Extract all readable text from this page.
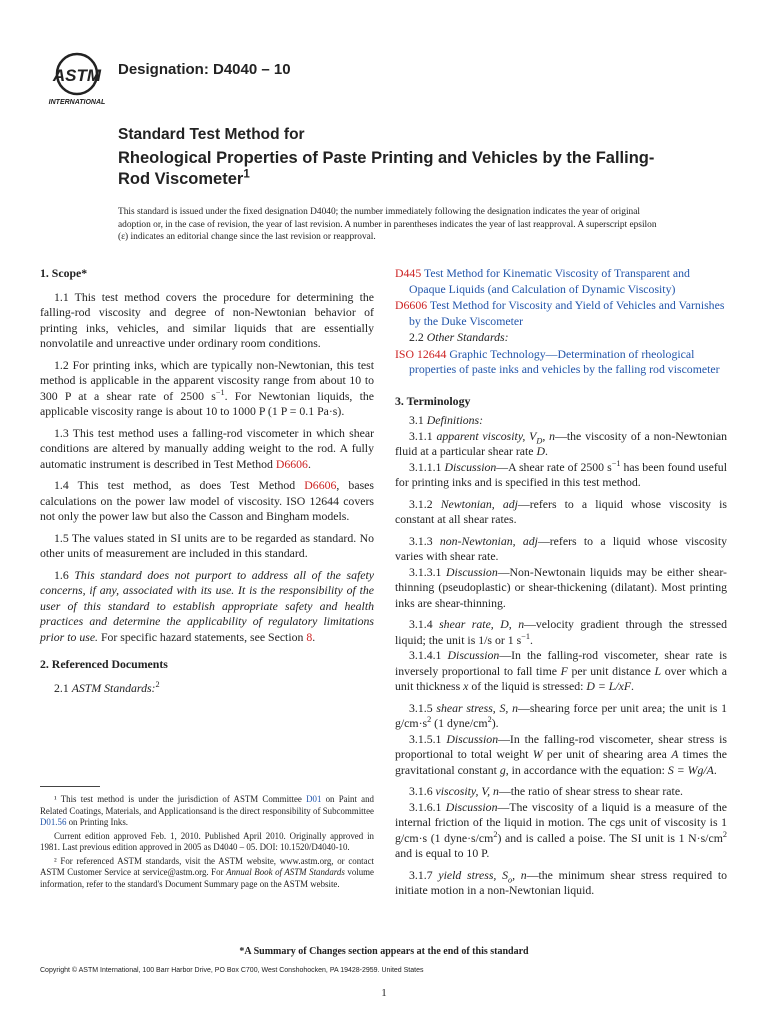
ASTM
INTERNATIONAL
Designation: D4040 – 10
Standard Test Method for
Rheological Properties of Paste Printing and Vehicles by the Falling-Rod Viscometer$^1$
This standard is issued under the fixed designation D4040; the number immediately following the designation indicates the year of original adoption or, in the case of revision, the year of last revision. A number in parentheses indicates the year of last reapproval. A superscript epsilon (ε) indicates an editorial change since the last revision or reapproval.

1. Scope*

1.1 This test method covers the procedure for determining the falling-rod viscosity and degree of non-Newtonian behavior of printing inks, vehicles, and similar liquids that are essentially nonvolatile and unreactive under ordinary room conditions.

1.2 For printing inks, which are typically non-Newtonian, this test method is applicable in the apparent viscosity range from about 10 to 300 P at a shear rate of 2500 $s^{-1}$. For Newtonian liquids, the applicable viscosity range is about 10 to 1000 P (1 P = 0.1 Pa·s).

1.3 This test method uses a falling-rod viscometer in which shear conditions are altered by manually adding weight to the rod. A fully automatic instrument is described in Test Method D6606.

1.4 This test method, as does Test Method D6606, bases calculations on the power law model of viscosity. ISO 12644 covers not only the power law but also the Casson and Bingham models.

1.5 The values stated in SI units are to be regarded as standard. No other units of measurement are included in this standard.

1.6 This standard does not purport to address all of the safety concerns, if any, associated with its use. It is the responsibility of the user of this standard to establish appropriate safety and health practices and determine the applicability of regulatory limitations prior to use. For specific hazard statements, see Section 8.

2. Referenced Documents

2.1 ASTM Standards:$^2$

¹ This test method is under the jurisdiction of ASTM Committee D01 on Paint and Related Coatings, Materials, and Applicationsand is the direct responsibility of Subcommittee D01.56 on Printing Inks.

Current edition approved Feb. 1, 2010. Published April 2010. Originally approved in 1981. Last previous edition approved in 2005 as D4040 – 05. DOI: 10.1520/D4040-10.

² For referenced ASTM standards, visit the ASTM website, www.astm.org, or contact ASTM Customer Service at service@astm.org. For Annual Book of ASTM Standards volume information, refer to the standard's Document Summary page on the ASTM website.

D445 Test Method for Kinematic Viscosity of Transparent and Opaque Liquids (and Calculation of Dynamic Viscosity)

D6606 Test Method for Viscosity and Yield of Vehicles and Varnishes by the Duke Viscometer

2.2 Other Standards:

ISO 12644 Graphic Technology—Determination of rheological properties of paste inks and vehicles by the falling rod viscometer

3. Terminology

3.1 Definitions:

3.1.1 apparent viscosity, $V_D$, n—the viscosity of a non-Newtonian fluid at a particular shear rate D.

3.1.1.1 Discussion—A shear rate of 2500 $s^{-1}$ has been found useful for printing inks and is specified in this test method.

3.1.2 Newtonian, adj—refers to a liquid whose viscosity is constant at all shear rates.

3.1.3 non-Newtonian, adj—refers to a liquid whose viscosity varies with shear rate.

3.1.3.1 Discussion—Non-Newtonain liquids may be either shear-thinning (pseudoplastic) or shear-thickening (dilatant). Most printing inks are shear-thinning.

3.1.4 shear rate, D, n—velocity gradient through the stressed liquid; the unit is 1/s or 1 $s^{-1}$.

3.1.4.1 Discussion—In the falling-rod viscometer, shear rate is inversely proportional to fall time F per unit distance L over which a unit thickness x of the liquid is stressed: D = L/xF.

3.1.5 shear stress, S, n—shearing force per unit area; the unit is 1 $g/cm\cdot s^2$ (1 dyne/$cm^2$).

3.1.5.1 Discussion—In the falling-rod viscometer, shear stress is proportional to total weight W per unit of shearing area A times the gravitational constant g, in accordance with the equation: S = Wg/A.

3.1.6 viscosity, V, n—the ratio of shear stress to shear rate.

3.1.6.1 Discussion—The viscosity of a liquid is a measure of the internal friction of the liquid in motion. The cgs unit of viscosity is 1 g/cm·s (1 $dyne\cdot s/cm^2$) and is called a poise. The SI unit is 1 $N\cdot s/cm^2$ and is equal to 10 P.

3.1.7 yield stress, $S_o$, n—the minimum shear stress required to initiate motion in a non-Newtonian liquid.

*A Summary of Changes section appears at the end of this standard
Copyright © ASTM International, 100 Barr Harbor Drive, PO Box C700, West Conshohocken, PA 19428-2959. United States
1
